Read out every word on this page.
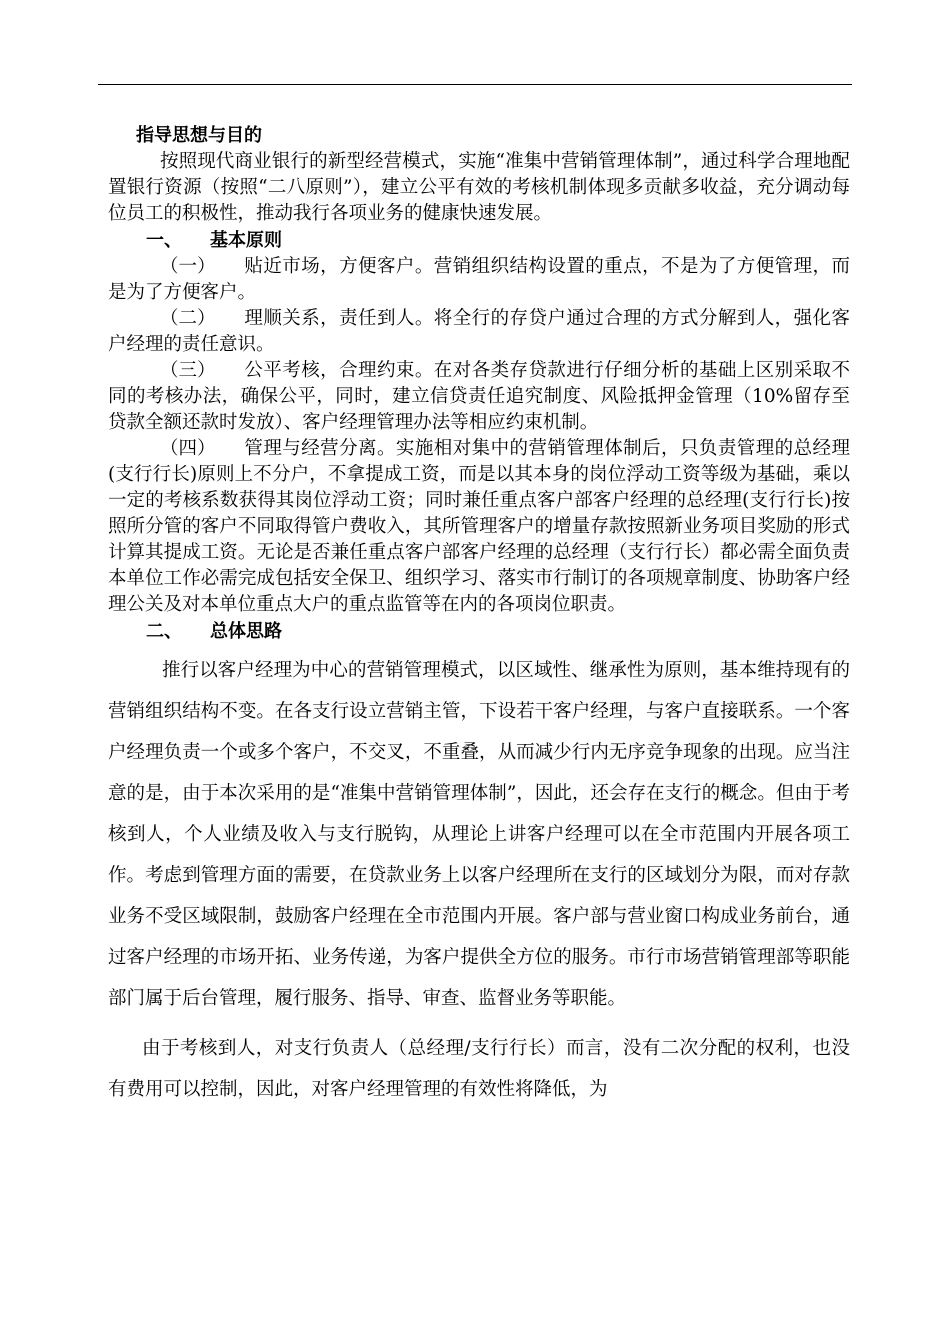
指导思想与目的

按照现代商业银行的新型经营模式，实施“准集中营销管理体制”，通过科学合理地配置银行资源（按照“二八原则”），建立公平有效的考核机制体现多贡献多收益，充分调动每位员工的积极性，推动我行各项业务的健康快速发展。

一、 基本原则

（一） 贴近市场，方便客户。营销组织结构设置的重点，不是为了方便管理，而是为了方便客户。

（二） 理顺关系，责任到人。将全行的存贷户通过合理的方式分解到人，强化客户经理的责任意识。

（三） 公平考核，合理约束。在对各类存贷款进行仔细分析的基础上区别采取不同的考核办法，确保公平，同时，建立信贷责任追究制度、风险抵押金管理（10%留存至贷款全额还款时发放）、客户经理管理办法等相应约束机制。

（四） 管理与经营分离。实施相对集中的营销管理体制后，只负责管理的总经理(支行行长)原则上不分户，不拿提成工资，而是以其本身的岗位浮动工资等级为基础，乘以一定的考核系数获得其岗位浮动工资；同时兼任重点客户部客户经理的总经理(支行行长)按照所分管的客户不同取得管户费收入，其所管理客户的增量存款按照新业务项目奖励的形式计算其提成工资。无论是否兼任重点客户部客户经理的总经理（支行行长）都必需全面负责本单位工作必需完成包括安全保卫、组织学习、落实市行制订的各项规章制度、协助客户经理公关及对本单位重点大户的重点监管等在内的各项岗位职责。

二、 总体思路

推行以客户经理为中心的营销管理模式，以区域性、继承性为原则，基本维持现有的营销组织结构不变。在各支行设立营销主管，下设若干客户经理，与客户直接联系。一个客户经理负责一个或多个客户，不交叉，不重叠，从而减少行内无序竞争现象的出现。应当注意的是，由于本次采用的是“准集中营销管理体制”，因此，还会存在支行的概念。但由于考核到人，个人业绩及收入与支行脱钩，从理论上讲客户经理可以在全市范围内开展各项工作。考虑到管理方面的需要，在贷款业务上以客户经理所在支行的区域划分为限，而对存款业务不受区域限制，鼓励客户经理在全市范围内开展。客户部与营业窗口构成业务前台，通过客户经理的市场开拓、业务传递，为客户提供全方位的服务。市行市场营销管理部等职能部门属于后台管理，履行服务、指导、审查、监督业务等职能。

由于考核到人，对支行负责人（总经理/支行行长）而言，没有二次分配的权利，也没有费用可以控制，因此，对客户经理管理的有效性将降低，为
